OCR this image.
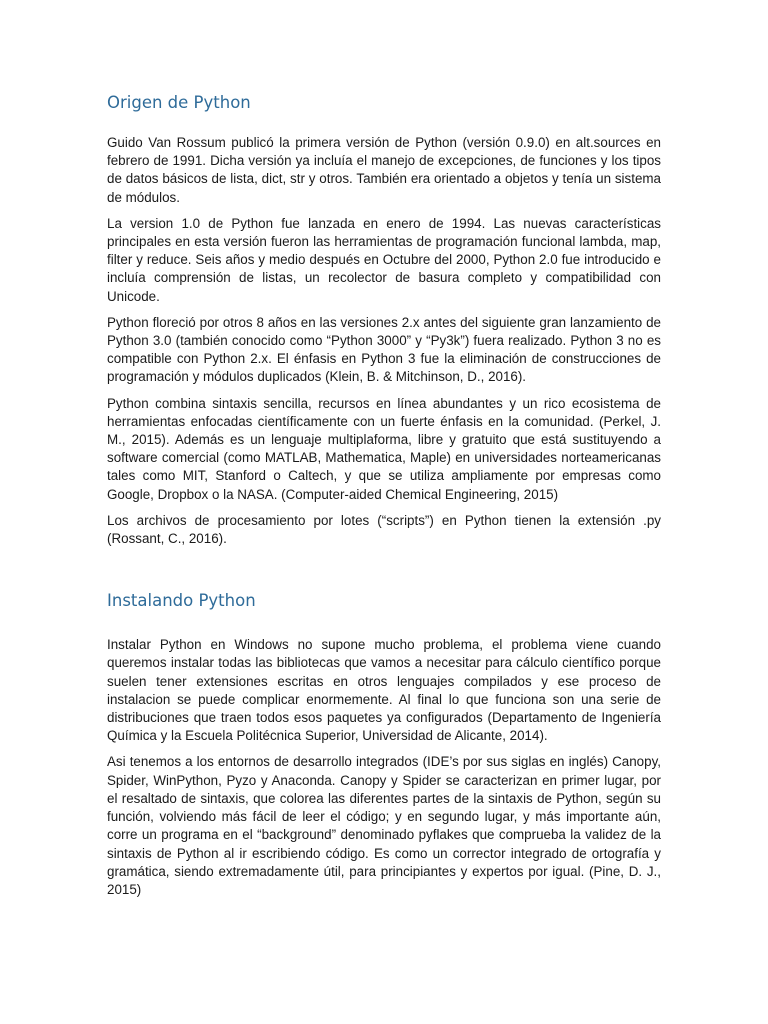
Origen de Python

Guido Van Rossum publicó la primera versión de Python (versión 0.9.0) en alt.sources en febrero de 1991. Dicha versión ya incluía el manejo de excepciones, de funciones y los tipos de datos básicos de lista, dict, str y otros. También era orientado a objetos y tenía un sistema de módulos.

La version 1.0 de Python fue lanzada en enero de 1994. Las nuevas características principales en esta versión fueron las herramientas de programación funcional lambda, map, filter y reduce. Seis años y medio después en Octubre del 2000, Python 2.0 fue introducido e incluía comprensión de listas, un recolector de basura completo y compatibilidad con Unicode.

Python floreció por otros 8 años en las versiones 2.x antes del siguiente gran lanzamiento de Python 3.0 (también conocido como “Python 3000” y “Py3k”) fuera realizado. Python 3 no es compatible con Python 2.x. El énfasis en Python 3 fue la eliminación de construcciones de programación y módulos duplicados (Klein, B. & Mitchinson, D., 2016).

Python combina sintaxis sencilla, recursos en línea abundantes y un rico ecosistema de herramientas enfocadas científicamente con un fuerte énfasis en la comunidad. (Perkel, J. M., 2015). Además es un lenguaje multiplaforma, libre y gratuito que está sustituyendo a software comercial (como MATLAB, Mathematica, Maple) en universidades norteamericanas tales como MIT, Stanford o Caltech, y que se utiliza ampliamente por empresas como Google, Dropbox o la NASA. (Computer-aided Chemical Engineering, 2015)

Los archivos de procesamiento por lotes (“scripts”) en Python tienen la extensión .py (Rossant, C., 2016).

Instalando Python

Instalar Python en Windows no supone mucho problema, el problema viene cuando queremos instalar todas las bibliotecas que vamos a necesitar para cálculo científico porque suelen tener extensiones escritas en otros lenguajes compilados y ese proceso de instalacion se puede complicar enormemente. Al final lo que funciona son una serie de distribuciones que traen todos esos paquetes ya configurados (Departamento de Ingeniería Química y la Escuela Politécnica Superior, Universidad de Alicante, 2014).

Asi tenemos a los entornos de desarrollo integrados (IDE’s por sus siglas en inglés) Canopy, Spider, WinPython, Pyzo y Anaconda. Canopy y Spider se caracterizan en primer lugar, por el resaltado de sintaxis, que colorea las diferentes partes de la sintaxis de Python, según su función, volviendo más fácil de leer el código; y en segundo lugar, y más importante aún, corre un programa en el “background” denominado pyflakes que comprueba la validez de la sintaxis de Python al ir escribiendo código. Es como un corrector integrado de ortografía y gramática, siendo extremadamente útil, para principiantes y expertos por igual. (Pine, D. J., 2015)
